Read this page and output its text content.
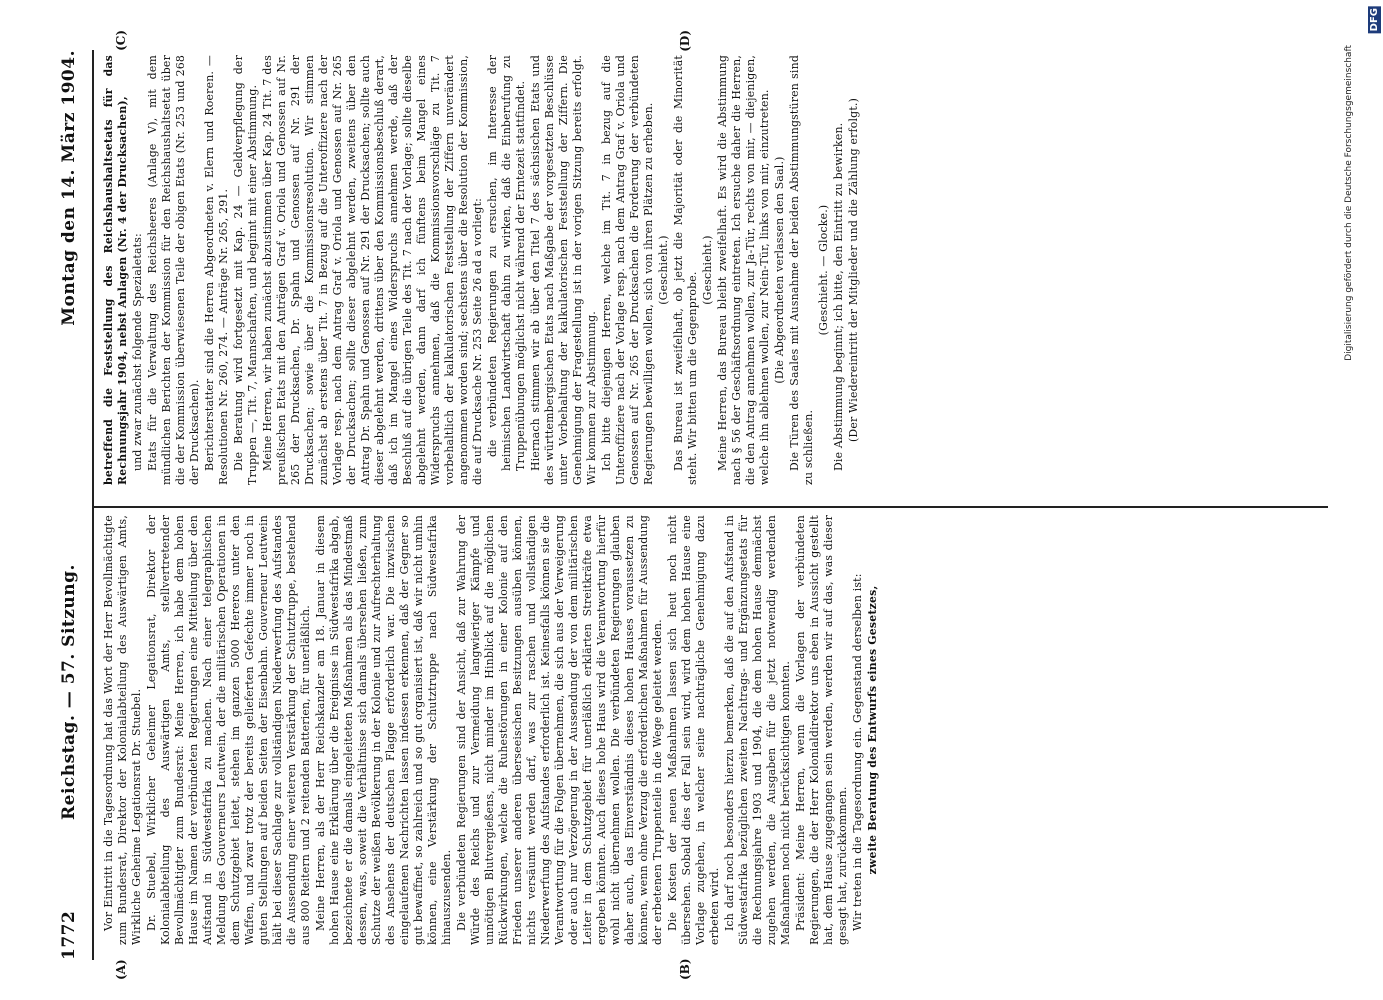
1772
Reichstag. — 57. Sitzung.
Montag den 14. März 1904.
(A)	(B)
(C)	(D)

Vor Eintritt in die Tagesordnung hat das Wort der Herr Bevollmächtigte zum Bundesrat, Direktor der Kolonialabteilung des Auswärtigen Amts, Wirkliche Geheime Legationsrat Dr. Stuebel. Dr. Stuebel, Wirklicher Geheimer Legationsrat, Direktor der Kolonialabteilung des Auswärtigen Amts, stellvertretender Bevollmächtigter zum Bundesrat: Meine Herren, ich habe dem hohen Hause im Namen der verbündeten Regierungen eine Mitteilung über den Aufstand in Südwestafrika zu machen. Nach einer telegraphischen Meldung des Gouverneurs Leutwein, der die militärischen Operationen in dem Schutzgebiet leitet, stehen im ganzen 5000 Hereros unter den Waffen, und zwar trotz der bereits gelieferten Gefechte immer noch in guten Stellungen auf beiden Seiten der Eisenbahn. Gouverneur Leutwein hält bei dieser Sachlage zur vollständigen Niederwerfung des Aufstandes die Aussendung einer weiteren Verstärkung der Schutztruppe, bestehend aus 800 Reitern und 2 reitenden Batterien, für unerläßlich. Meine Herren, als der Herr Reichskanzler am 18. Januar in diesem hohen Hause eine Erklärung über die Ereignisse in Südwestafrika abgab, bezeichnete er die damals eingeleiteten Maßnahmen als das Mindestmaß dessen, was, soweit die Verhältnisse sich damals übersehen ließen, zum Schutze der weißen Bevölkerung in der Kolonie und zur Aufrechterhaltung des Ansehens der deutschen Flagge erforderlich war. Die inzwischen eingelaufenen Nachrichten lassen indessen erkennen, daß der Gegner so gut bewaffnet, so zahlreich und so gut organisiert ist, daß wir nicht umhin können, eine Verstärkung der Schutztruppe nach Südwestafrika hinauszusenden. Die verbündeten Regierungen sind der Ansicht, daß zur Wahrung der Würde des Reichs und zur Vermeidung langwieriger Kämpfe und unnötigen Blutvergießens, nicht minder im Hinblick auf die möglichen Rückwirkungen, welche die Ruhestörungen in einer Kolonie auf den Frieden unserer anderen überseeischen Besitzungen ausüben können, nichts versäumt werden darf, was zur raschen und vollständigen Niederwerfung des Aufstandes erforderlich ist. Keinesfalls können sie die Verantwortung für die Folgen übernehmen, die sich aus der Verweigerung oder auch nur Verzögerung in der Aussendung der von dem militärischen Leiter in dem Schutzgebiet für unerläßlich erklärten Streitkräfte etwa ergeben könnten. Auch dieses hohe Haus wird die Verantwortung hierfür wohl nicht übernehmen wollen. Die verbündeten Regierungen glauben daher auch, das Einverständnis dieses hohen Hauses voraussetzen zu können, wenn ohne Verzug die erforderlichen Maßnahmen für Aussendung der erbetenen Truppenteile in die Wege geleitet werden. Die Kosten der neuen Maßnahmen lassen sich heut noch nicht übersehen. Sobald dies der Fall sein wird, wird dem hohen Hause eine Vorlage zugehen, in welcher seine nachträgliche Genehmigung dazu erbeten wird. Ich darf noch besonders hierzu bemerken, daß die auf den Aufstand in Südwestafrika bezüglichen zweiten Nachtrags- und Ergänzungsetats für die Rechnungsjahre 1903 und 1904, die dem hohen Hause demnächst zugehen werden, die Ausgaben für die jetzt notwendig werdenden Maßnahmen noch nicht berücksichtigen konnten. Präsident: Meine Herren, wenn die Vorlagen der verbündeten Regierungen, die der Herr Kolonialdirektor uns eben in Aussicht gestellt hat, dem Hause zugegangen sein werden, werden wir auf das, was dieser gesagt hat, zurückkommen. Wir treten in die Tagesordnung ein. Gegenstand derselben ist: zweite Beratung des Entwurfs eines Gesetzes,

betreffend die Feststellung des Reichshaushaltsetats für das Rechnungsjahr 1904, nebst Anlagen (Nr. 4 der Drucksachen), und zwar zunächst folgende Spezialetats: Etats für die Verwaltung des Reichsheeres (Anlage V), mit dem mündlichen Berichten der Kommission für den Reichshaushaltsetat über die der Kommission überwiesenen Teile der obigen Etats (Nr. 253 und 268 der Drucksachen). Berichterstatter sind die Herren Abgeordneten v. Elern und Roeren. — Resolutionen Nr. 260, 274. — Anträge Nr. 265, 291. Die Beratung wird fortgesetzt mit Kap. 24 — Geldverpflegung der Truppen —, Tit. 7, Mannschaften, und beginnt mit einer Abstimmung. Meine Herren, wir haben zunächst abzustimmen über Kap. 24 Tit. 7 des preußischen Etats mit den Anträgen Graf v. Oriola und Genossen auf Nr. 265 der Drucksachen, Dr. Spahn und Genossen auf Nr. 291 der Drucksachen; sowie über die Kommissionsresolution. Wir stimmen zunächst ab erstens über Tit. 7 in Bezug auf die Unteroffiziere nach der Vorlage resp. nach dem Antrag Graf v. Oriola und Genossen auf Nr. 265 der Drucksachen; sollte dieser abgelehnt werden, zweitens über den Antrag Dr. Spahn und Genossen auf Nr. 291 der Drucksachen; sollte auch dieser abgelehnt werden, drittens über den Kommissionsbeschluß derart, daß ich im Mangel eines Widerspruchs annehmen werde, daß der Beschluß auf die übrigen Teile des Tit. 7 nach der Vorlage; sollte dieselbe abgelehnt werden, dann darf ich fünftens beim Mangel eines Widerspruchs annehmen, daß die Kommissionsvorschläge zu Tit. 7 vorbehaltlich der kalkulatorischen Feststellung der Ziffern unverändert angenommen worden sind; sechstens über die Resolution der Kommission, die auf Drucksache Nr. 253 Seite 26 ad a vorliegt: die verbündeten Regierungen zu ersuchen, im Interesse der heimischen Landwirtschaft dahin zu wirken, daß die Einberufung zu Truppenübungen möglichst nicht während der Erntezeit stattfindet. Hiernach stimmen wir ab über den Titel 7 des sächsischen Etats und des württembergischen Etats nach Maßgabe der vorgesetzten Beschlüsse unter Vorbehaltung der kalkulatorischen Feststellung der Ziffern. Die Genehmigung der Fragestellung ist in der vorigen Sitzung bereits erfolgt. Wir kommen zur Abstimmung. Ich bitte diejenigen Herren, welche im Tit. 7 in bezug auf die Unteroffiziere nach der Vorlage resp. nach dem Antrag Graf v. Oriola und Genossen auf Nr. 265 der Drucksachen die Forderung der verbündeten Regierungen bewilligen wollen, sich von ihren Plätzen zu erheben. (Geschieht.) Das Bureau ist zweifelhaft, ob jetzt die Majorität oder die Minorität steht. Wir bitten um die Gegenprobe.

(Geschieht.) Meine Herren, das Bureau bleibt zweifelhaft. Es wird die Abstimmung nach § 56 der Geschäftsordnung eintreten. Ich ersuche daher die Herren, die den Antrag annehmen wollen, zur Ja-Tür, rechts von mir, — diejenigen, welche ihn ablehnen wollen, zur Nein-Tür, links von mir, einzutreten. (Die Abgeordneten verlassen den Saal.) Die Türen des Saales mit Ausnahme der beiden Abstimmungstüren sind zu schließen.

(Geschieht. — Glocke.) Die Abstimmung beginnt; ich bitte, den Eintritt zu bewirken. (Der Wiedereintritt der Mitglieder und die Zählung erfolgt.)	Digitalisierung gefördert durch die Deutsche Forschungsgemeinschaft
DFG
